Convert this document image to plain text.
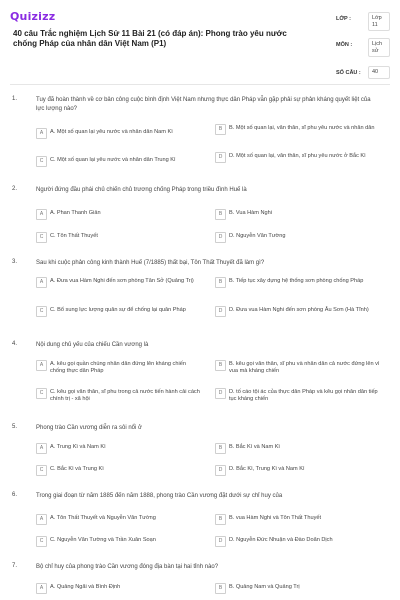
Quizizz
40 câu Trắc nghiệm Lịch Sử 11 Bài 21 (có đáp án): Phong trào yêu nước chống Pháp của nhân dân Việt Nam (P1)
LỚP :	Lớp 11
MÔN :	Lịch sử
SỐ CÂU :	40
1.	Tuy đã hoàn thành về cơ bản công cuộc bình định Việt Nam nhưng thực dân Pháp vẫn gặp phải sự phản kháng quyết liệt của lực lượng nào?
A	A. Một số quan lại yêu nước và nhân dân Nam Kì	B	B. Một số quan lại, văn thân, sĩ phu yêu nước và nhân dân
C	C. Một số quan lại yêu nước và nhân dân Trung Kì	D	D. Một số quan lại, văn thân, sĩ phu yêu nước ở Bắc Kì
2.	Người đứng đầu phái chủ chiến chủ trương chống Pháp trong triều đình Huế là
A	A. Phan Thanh Giản	B	B. Vua Hàm Nghi
C	C. Tôn Thất Thuyết	D	D. Nguyễn Văn Tường
3.	Sau khi cuộc phản công kinh thành Huế (7/1885) thất bại, Tôn Thất Thuyết đã làm gì?
A	A. Đưa vua Hàm Nghi đến sơn phòng Tân Sở (Quảng Trị)	B	B. Tiếp tục xây dựng hệ thống sơn phòng chống Pháp
C	C. Bổ sung lực lượng quân sự để chống lại quân Pháp	D	D. Đưa vua Hàm Nghi đến sơn phòng Âu Sơn (Hà Tĩnh)
4.	Nội dung chủ yếu của chiếu Cần vương là
A	A. kêu gọi quần chúng nhân dân đứng lên kháng chiến chống thực dân Pháp
B	B. kêu gọi văn thân, sĩ phu và nhân dân cả nước đứng lên vì vua mà kháng chiến
C	C. kêu gọi văn thân, sĩ phu trong cả nước tiến hành cải cách chính trị - xã hội
D	D. tố cáo tội ác của thực dân Pháp và kêu gọi nhân dân tiếp tục kháng chiến
5.	Phong trào Cần vương diễn ra sôi nổi ở
A	A. Trung Kì và Nam Kì	B	B. Bắc Kì và Nam Kì
C	C. Bắc Kì và Trung Kì	D	D. Bắc Kì, Trung Kì và Nam Kì
6.	Trong giai đoạn từ năm 1885 đến năm 1888, phong trào Cần vương đặt dưới sự chỉ huy của
A	A. Tôn Thất Thuyết và Nguyễn Văn Tường	B	B. vua Hàm Nghi và Tôn Thất Thuyết
C	C. Nguyễn Văn Tường và Trần Xuân Soạn	D	D. Nguyễn Đức Nhuận và Đào Doãn Dịch
7.	Bộ chỉ huy của phong trào Cần vương đóng địa bàn tại hai tỉnh nào?
A	A. Quảng Ngãi và Bình Định	B	B. Quảng Nam và Quảng Trị
